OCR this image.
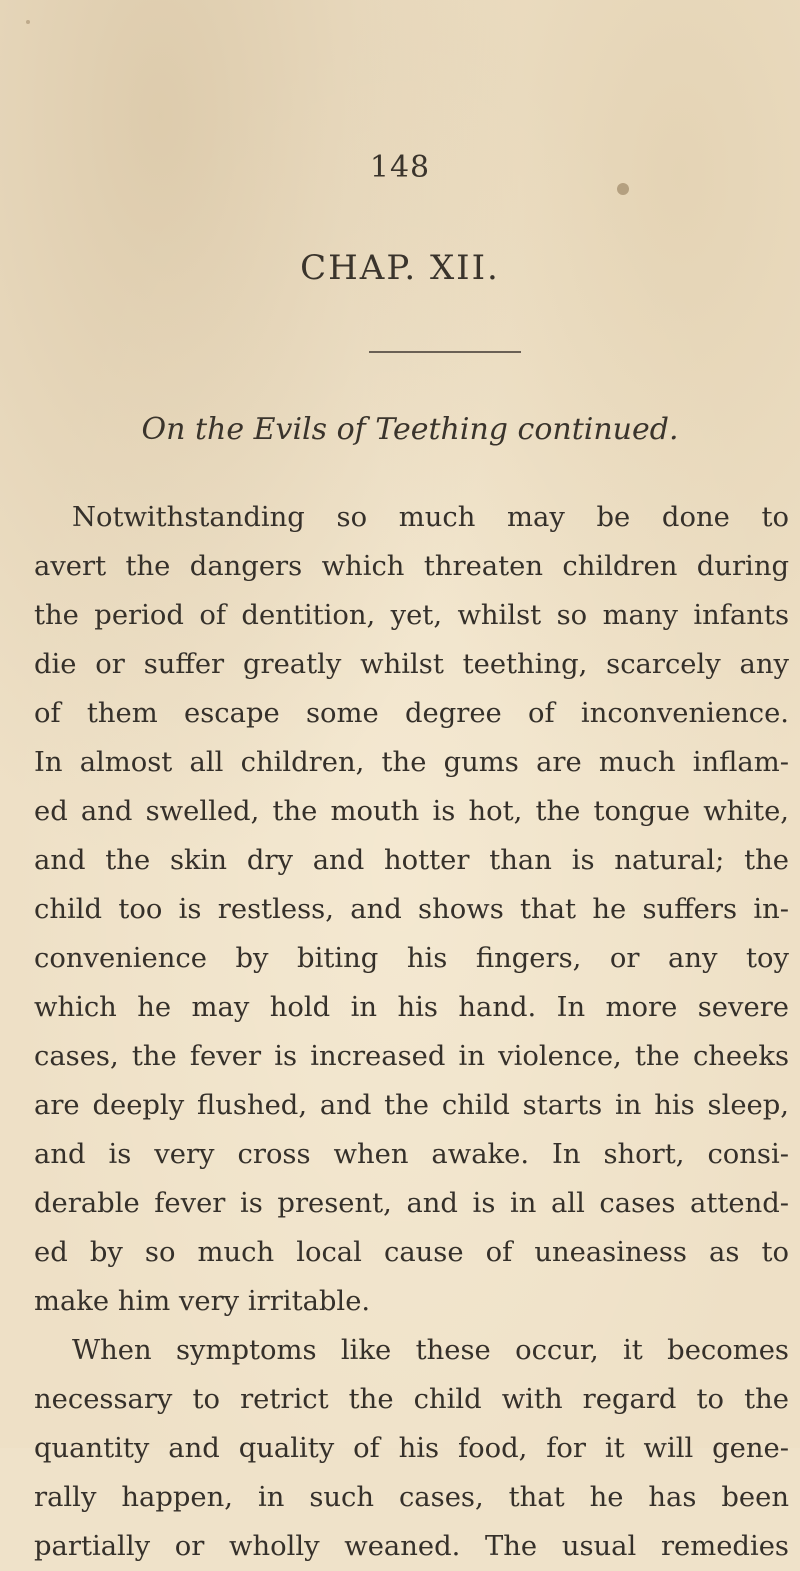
148
CHAP. XII.
On the Evils of Teething continued.
Notwithstanding so much may be done to
avert the dangers which threaten children during
the period of dentition, yet, whilst so many infants
die or suffer greatly whilst teething, scarcely any
of them escape some degree of inconvenience.
In almost all children, the gums are much inflam-
ed and swelled, the mouth is hot, the tongue white,
and the skin dry and hotter than is natural; the
child too is restless, and shows that he suffers in-
convenience by biting his fingers, or any toy
which he may hold in his hand. In more severe
cases, the fever is increased in violence, the cheeks
are deeply flushed, and the child starts in his sleep,
and is very cross when awake. In short, consi-
derable fever is present, and is in all cases attend-
ed by so much local cause of uneasiness as to
make him very irritable.
When symptoms like these occur, it becomes
necessary to retrict the child with regard to the
quantity and quality of his food, for it will gene-
rally happen, in such cases, that he has been
partially or wholly weaned. The usual remedies
